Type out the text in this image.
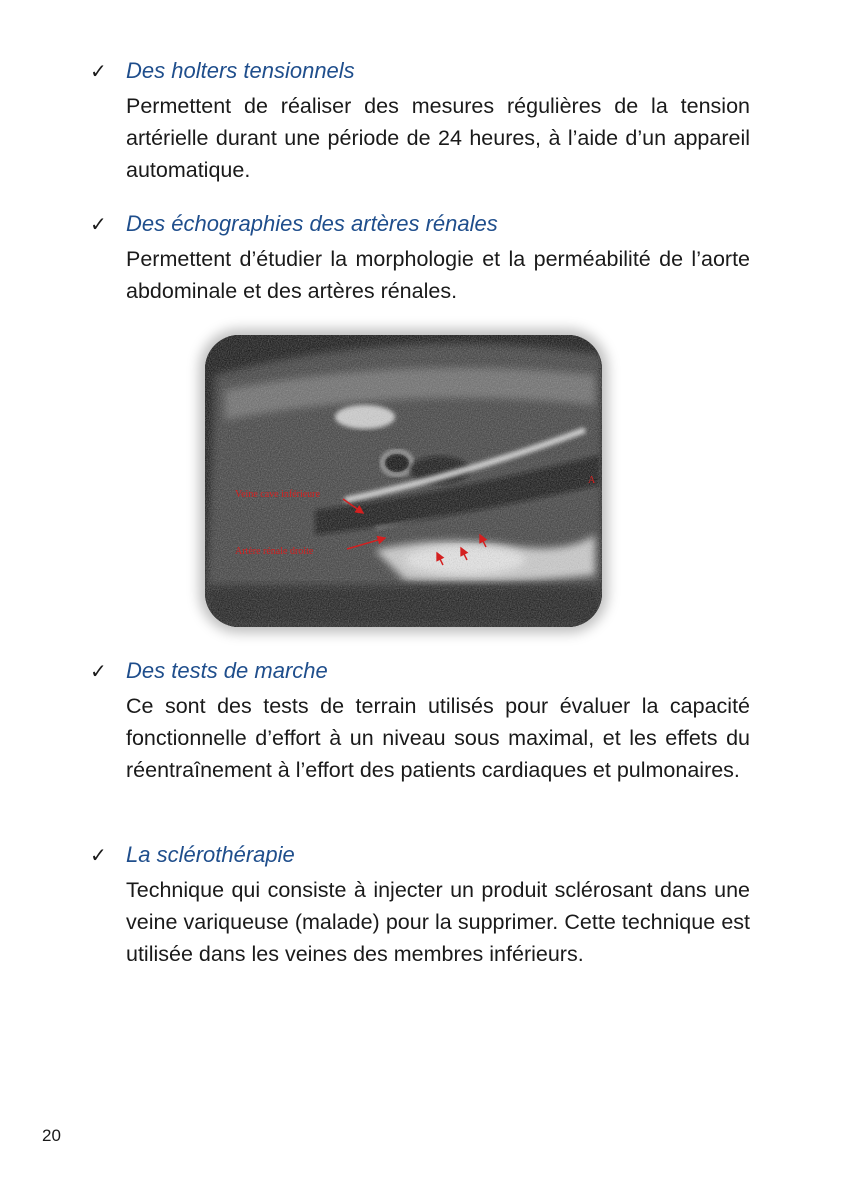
✓ Des holters tensionnels
Permettent de réaliser des mesures régulières de la tension artérielle durant une période de 24 heures, à l’aide d’un appareil automatique.
✓ Des échographies des artères rénales
Permettent d’étudier la morphologie et la perméabilité de l’aorte abdominale et des artères rénales.
Veine cave inférieure
Artère rénale droite
A
✓ Des tests de marche
Ce sont des tests de terrain utilisés pour évaluer la capacité fonctionnelle d’effort à un niveau sous maximal, et les effets du réentraînement à l’effort des patients cardiaques et pulmonaires.
✓ La sclérothérapie
Technique qui consiste à injecter un produit sclérosant dans une veine variqueuse (malade) pour la supprimer. Cette technique est utilisée dans les veines des membres inférieurs.
20
